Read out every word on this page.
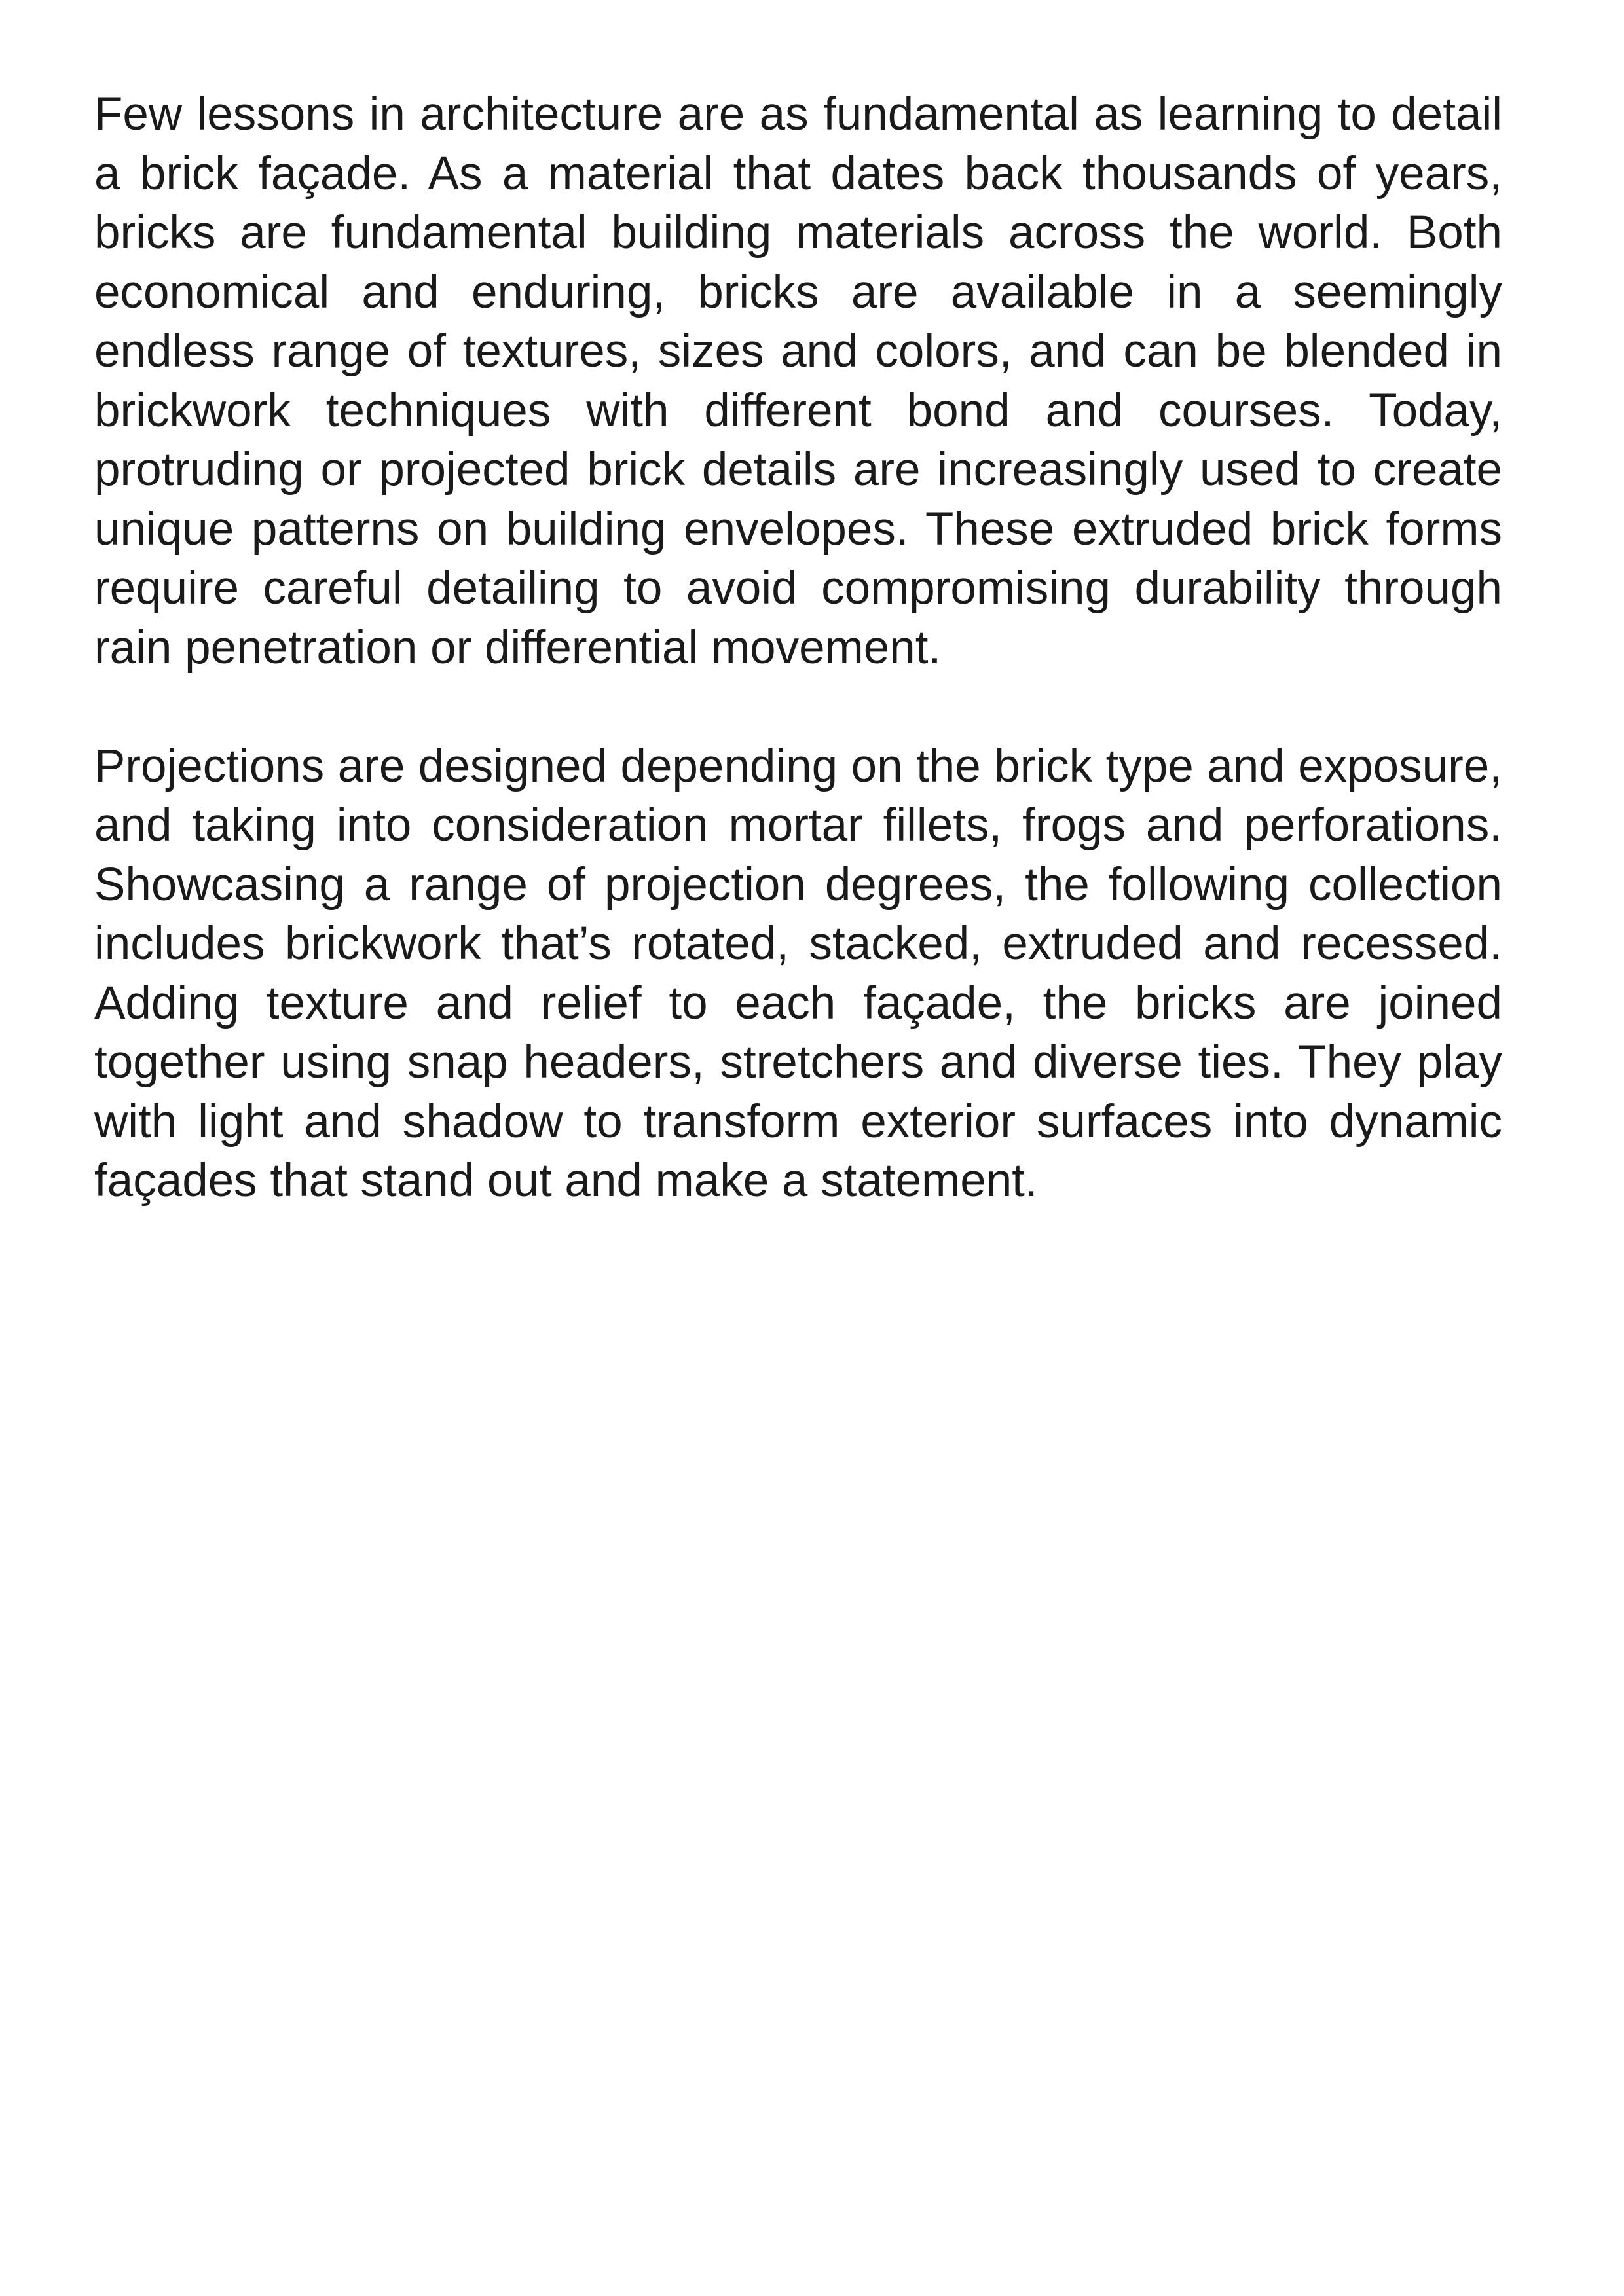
Few lessons in architecture are as fundamental as learning to detail a brick façade. As a material that dates back thousands of years, bricks are fundamental building materials across the world. Both economical and enduring, bricks are available in a seemingly endless range of textures, sizes and colors, and can be blended in brickwork techniques with different bond and courses. Today, protruding or projected brick details are increasingly used to create unique patterns on building envelopes. These extruded brick forms require careful detailing to avoid compromising durability through rain penetration or differential movement.

Projections are designed depending on the brick type and exposure, and taking into consideration mortar fillets, frogs and perforations. Showcasing a range of projection degrees, the following collection includes brickwork that’s rotated, stacked, extruded and recessed. Adding texture and relief to each façade, the bricks are joined together using snap headers, stretchers and diverse ties. They play with light and shadow to transform exterior surfaces into dynamic façades that stand out and make a statement.
